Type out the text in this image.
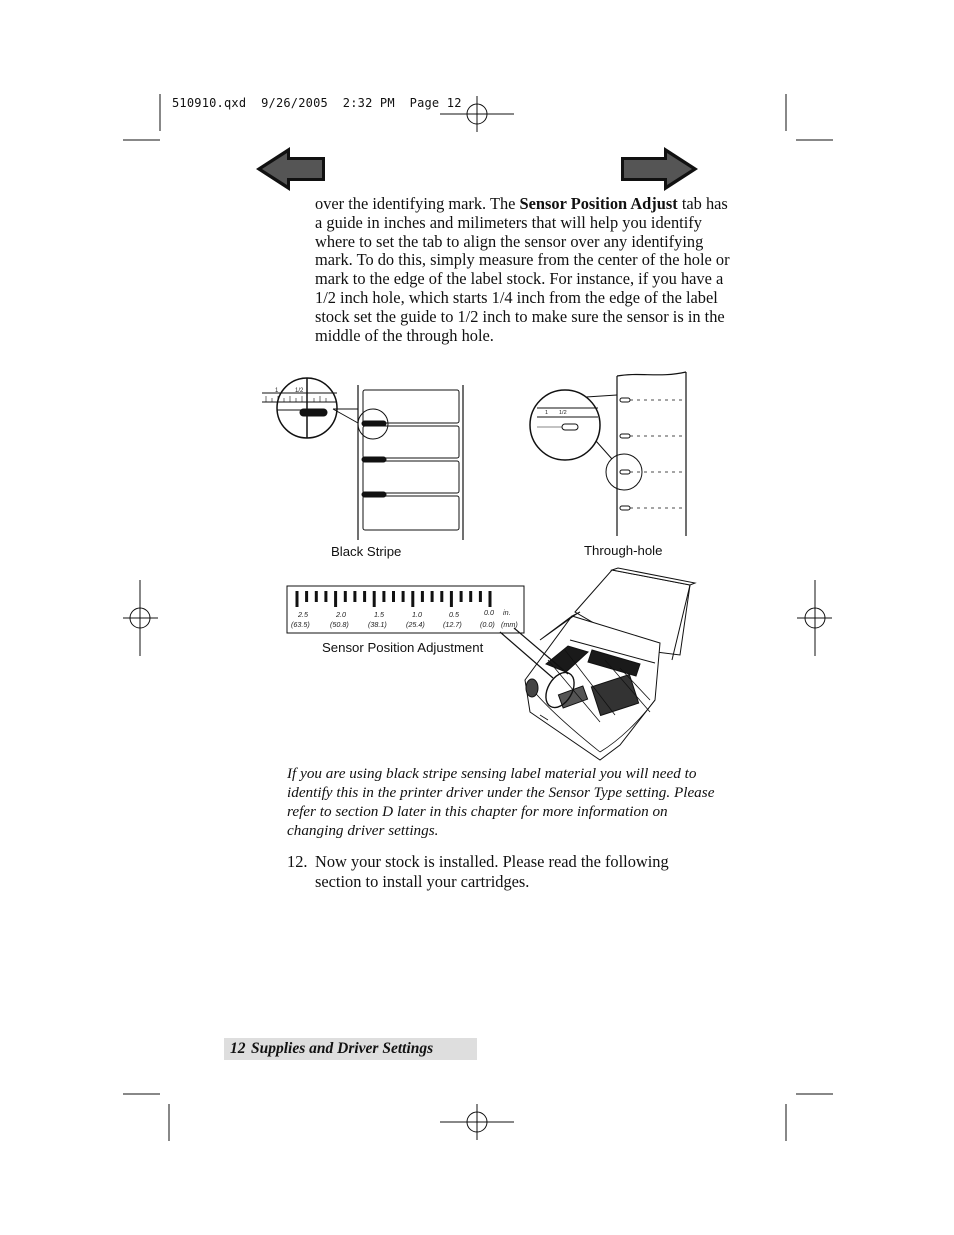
510910.qxd 9/26/2005 2:32 PM Page 12
1	1/2
1 1/2
2.5	2.0	1.5	1.0	0.5	0.0 in.
(63.5)	(50.8)	(38.1)	(25.4)	(12.7)	(0.0) (mm)

over the identifying mark. The Sensor Position Adjust tab has a guide in inches and milimeters that will help you identify where to set the tab to align the sensor over any identifying mark. To do this, simply measure from the center of the hole or mark to the edge of the label stock. For instance, if you have a 1/2 inch hole, which starts 1/4 inch from the edge of the label stock set the guide to 1/2 inch to make sure the sensor is in the middle of the through hole.

Black Stripe	Through-hole
Sensor Position Adjustment

If you are using black stripe sensing label material you will need to identify this in the printer driver under the Sensor Type setting. Please refer to section D later in this chapter for more information on changing driver settings.

12. Now your stock is installed. Please read the following section to install your cartridges.
12 Supplies and Driver Settings
